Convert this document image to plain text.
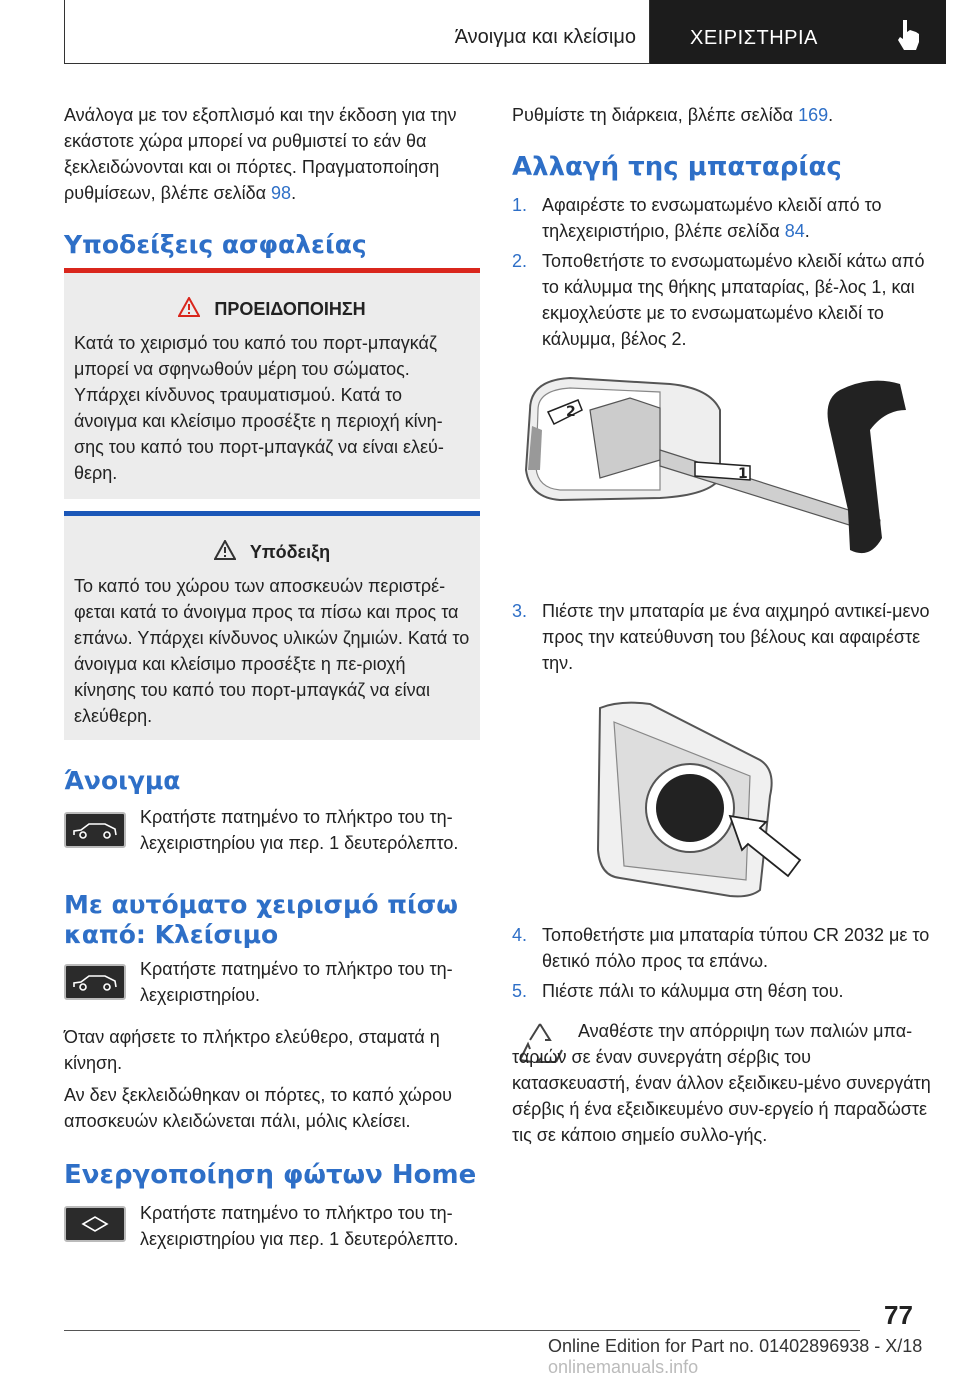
Άνοιγμα και κλείσιμο	ΧΕΙΡΙΣΤΗΡΙΑ

Ανάλογα με τον εξοπλισμό και την έκδοση για την εκάστοτε χώρα μπορεί να ρυθμιστεί το εάν θα ξεκλειδώνονται και οι πόρτες. Πραγματοποίηση ρυθμίσεων, βλέπε σελίδα 98.

Υποδείξεις ασφαλείας
ΠΡΟΕΙΔΟΠΟΙΗΣΗ

Κατά το χειρισμό του καπό του πορτ-μπαγκάζ μπορεί να σφηνωθούν μέρη του σώματος. Υπάρχει κίνδυνος τραυματισμού. Κατά το άνοιγμα και κλείσιμο προσέξτε η περιοχή κίνη-σης του καπό του πορτ-μπαγκάζ να είναι ελεύ-θερη.

Υπόδειξη

Το καπό του χώρου των αποσκευών περιστρέ-φεται κατά το άνοιγμα προς τα πίσω και προς τα επάνω. Υπάρχει κίνδυνος υλικών ζημιών. Κατά το άνοιγμα και κλείσιμο προσέξτε η πε-ριοχή κίνησης του καπό του πορτ-μπαγκάζ να είναι ελεύθερη.

Άνοιγμα

Κρατήστε πατημένο το πλήκτρο του τη-λεχειριστηρίου για περ. 1 δευτερόλεπτο.

Με αυτόματο χειρισμό πίσω καπό: Κλείσιμο

Κρατήστε πατημένο το πλήκτρο του τη-λεχειριστηρίου.

Όταν αφήσετε το πλήκτρο ελεύθερο, σταματά η κίνηση.

Αν δεν ξεκλειδώθηκαν οι πόρτες, το καπό χώρου αποσκευών κλειδώνεται πάλι, μόλις κλείσει.

Ενεργοποίηση φώτων Home

Κρατήστε πατημένο το πλήκτρο του τη-λεχειριστηρίου για περ. 1 δευτερόλεπτο.

Ρυθμίστε τη διάρκεια, βλέπε σελίδα 169.

Αλλαγή της μπαταρίας
1. Αφαιρέστε το ενσωματωμένο κλειδί από το τηλεχειριστήριο, βλέπε σελίδα 84.
2. Τοποθετήστε το ενσωματωμένο κλειδί κάτω από το κάλυμμα της θήκης μπαταρίας, βέ-λος 1, και εκμοχλεύστε με το ενσωματωμένο κλειδί το κάλυμμα, βέλος 2.
2
1
3. Πιέστε την μπαταρία με ένα αιχμηρό αντικεί-μενο προς την κατεύθυνση του βέλους και αφαιρέστε την.
4. Τοποθετήστε μια μπαταρία τύπου CR 2032 με το θετικό πόλο προς τα επάνω.
5. Πιέστε πάλι το κάλυμμα στη θέση του.

Αναθέστε την απόρριψη των παλιών μπα-ταριών σε έναν συνεργάτη σέρβις του κατασκευαστή, έναν άλλον εξειδικευ-μένο συνεργάτη σέρβις ή ένα εξειδικευμένο συν-εργείο ή παραδώστε τις σε κάποιο σημείο συλλο-γής.

77
Online Edition for Part no. 01402896938 - X/18 onlinemanuals.info
